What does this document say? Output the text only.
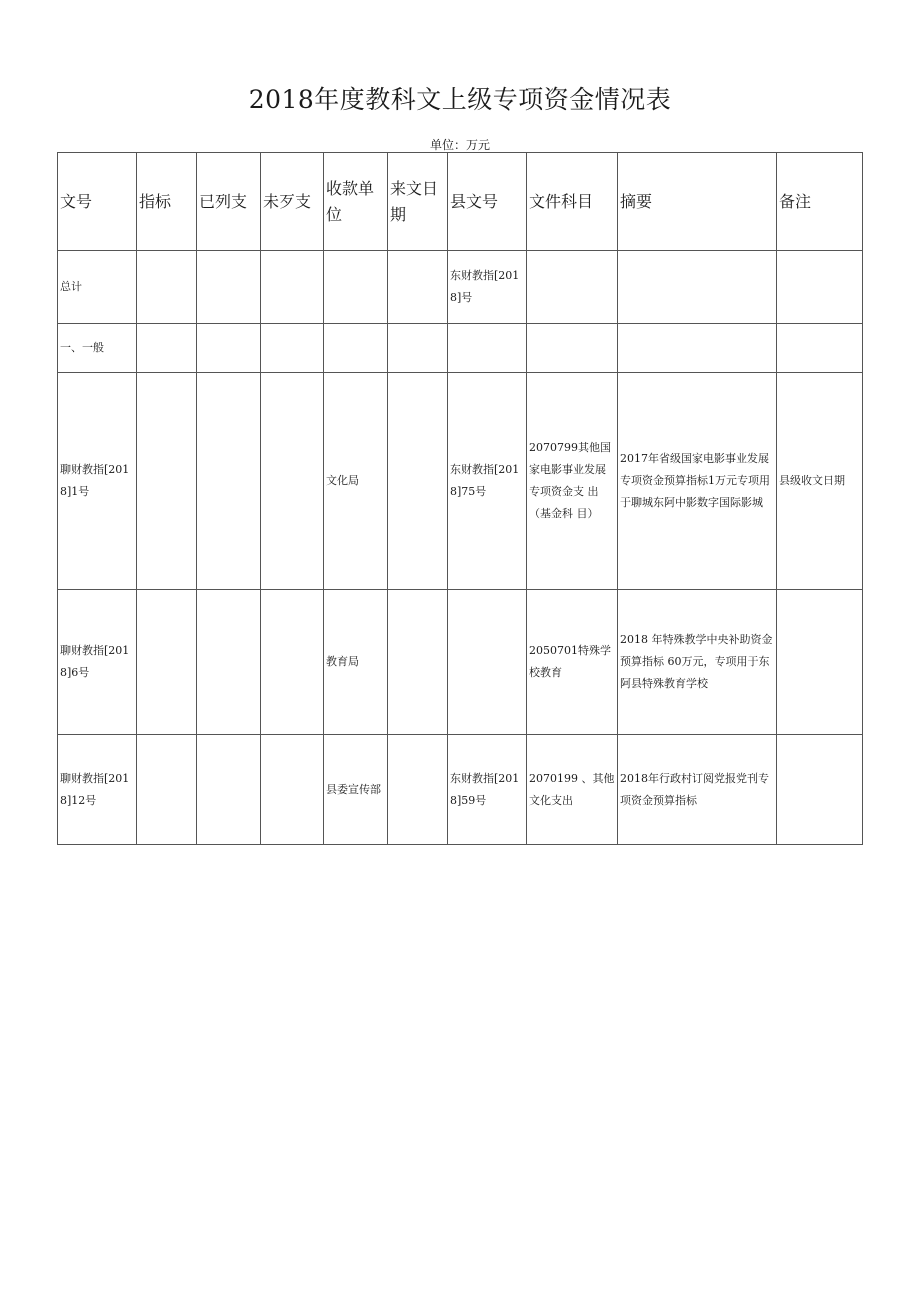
2018年度教科文上级专项资金情况表
单位：万元
文号	指标	已列支	未歹支	收款单位	来文日期	县文号	文件科目	摘要	备注
总计						东财教指[2018]号			
一、一般									
聊财教指[2018]1号				文化局		东财教指[2018]75号	2070799其他国家电影事业发展 专项资金支 出（基金科 目）	2017年省级国家电影事业发展专项资金预算指标1万元专项用于聊城东阿中影数字国际影城	县级收文日期
聊财教指[2018]6号				教育局			2050701特殊学校教育	2018 年特殊教学中央补助资金预算指标 60万元，专项用于东阿县特殊教育学校	
聊财教指[2018]12号				县委宣传部		东财教指[2018]59号	2070199 、其他文化支出	2018年行政村订阅党报党刊专项资金预算指标	
